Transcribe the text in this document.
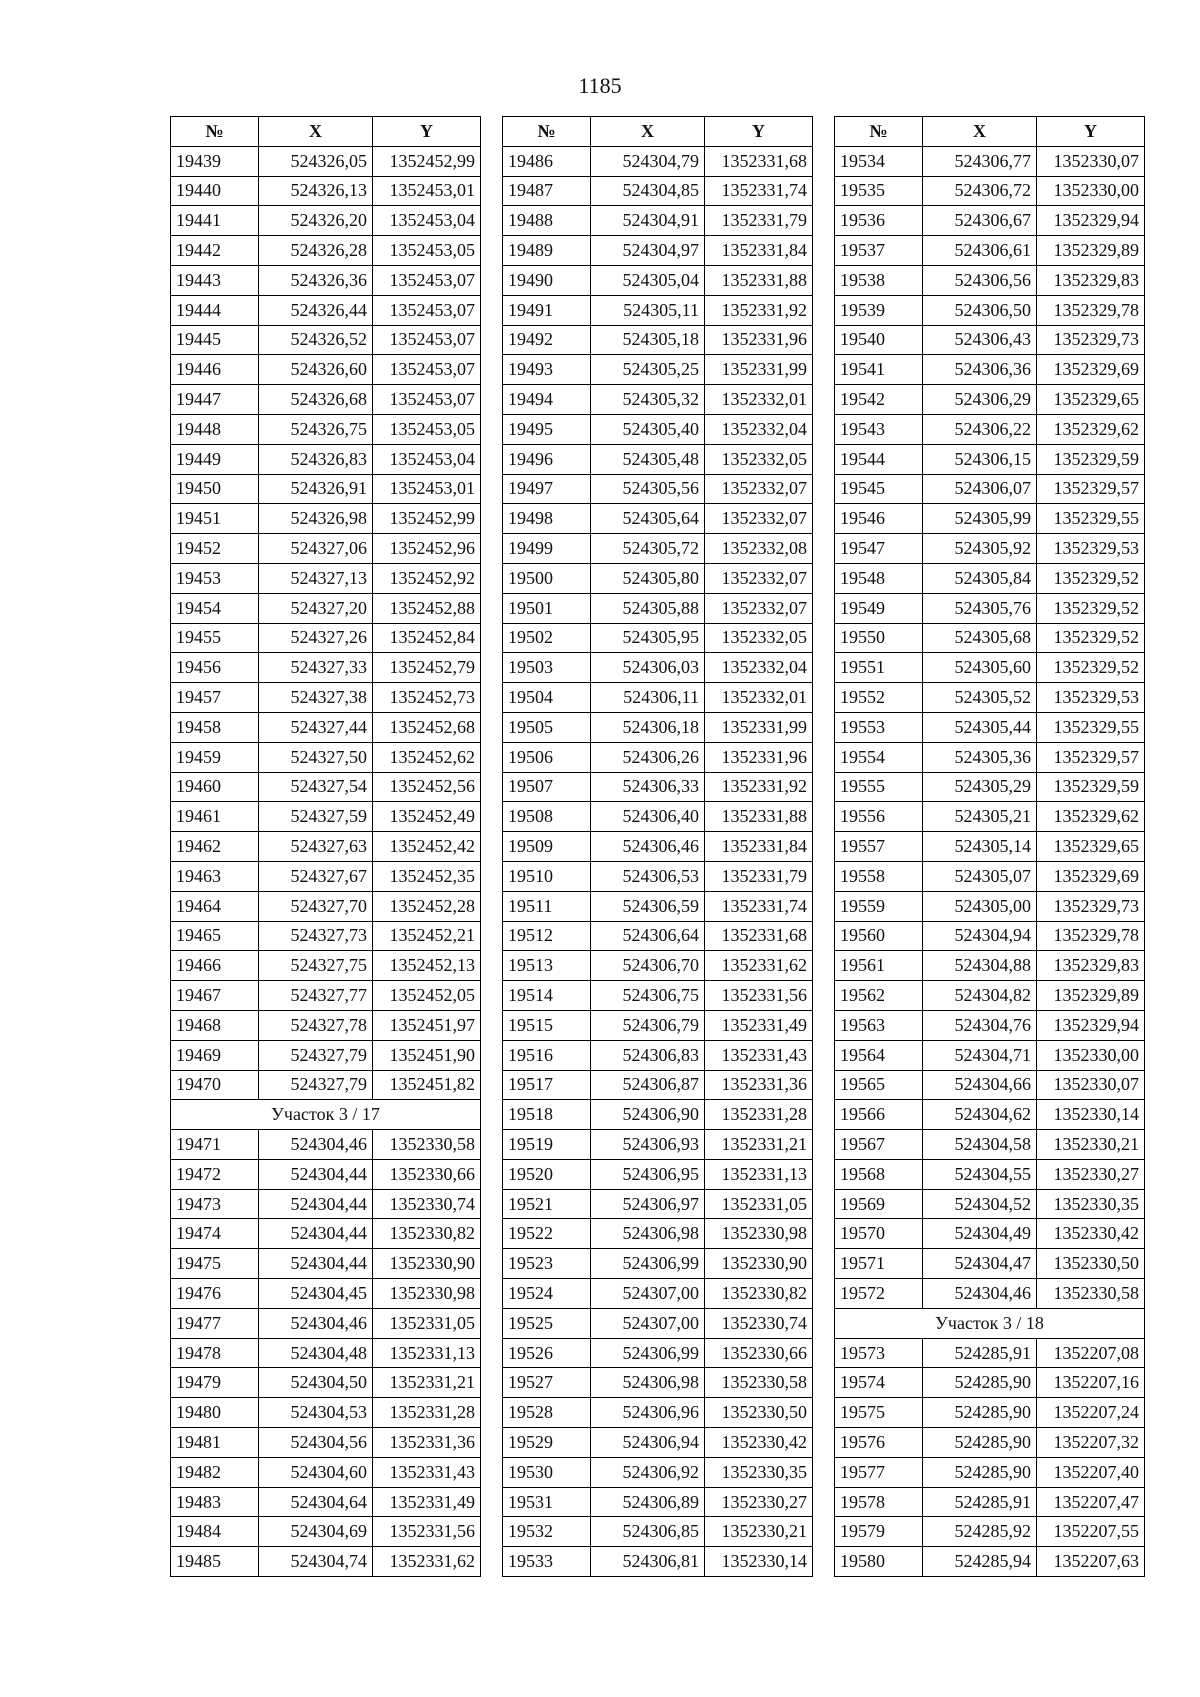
1185
№	X	Y
19439	524326,05	1352452,99
19440	524326,13	1352453,01
19441	524326,20	1352453,04
19442	524326,28	1352453,05
19443	524326,36	1352453,07
19444	524326,44	1352453,07
19445	524326,52	1352453,07
19446	524326,60	1352453,07
19447	524326,68	1352453,07
19448	524326,75	1352453,05
19449	524326,83	1352453,04
19450	524326,91	1352453,01
19451	524326,98	1352452,99
19452	524327,06	1352452,96
19453	524327,13	1352452,92
19454	524327,20	1352452,88
19455	524327,26	1352452,84
19456	524327,33	1352452,79
19457	524327,38	1352452,73
19458	524327,44	1352452,68
19459	524327,50	1352452,62
19460	524327,54	1352452,56
19461	524327,59	1352452,49
19462	524327,63	1352452,42
19463	524327,67	1352452,35
19464	524327,70	1352452,28
19465	524327,73	1352452,21
19466	524327,75	1352452,13
19467	524327,77	1352452,05
19468	524327,78	1352451,97
19469	524327,79	1352451,90
19470	524327,79	1352451,82
Участок 3 / 17		
19471	524304,46	1352330,58
19472	524304,44	1352330,66
19473	524304,44	1352330,74
19474	524304,44	1352330,82
19475	524304,44	1352330,90
19476	524304,45	1352330,98
19477	524304,46	1352331,05
19478	524304,48	1352331,13
19479	524304,50	1352331,21
19480	524304,53	1352331,28
19481	524304,56	1352331,36
19482	524304,60	1352331,43
19483	524304,64	1352331,49
19484	524304,69	1352331,56
19485	524304,74	1352331,62
№	X	Y
19486	524304,79	1352331,68
19487	524304,85	1352331,74
19488	524304,91	1352331,79
19489	524304,97	1352331,84
19490	524305,04	1352331,88
19491	524305,11	1352331,92
19492	524305,18	1352331,96
19493	524305,25	1352331,99
19494	524305,32	1352332,01
19495	524305,40	1352332,04
19496	524305,48	1352332,05
19497	524305,56	1352332,07
19498	524305,64	1352332,07
19499	524305,72	1352332,08
19500	524305,80	1352332,07
19501	524305,88	1352332,07
19502	524305,95	1352332,05
19503	524306,03	1352332,04
19504	524306,11	1352332,01
19505	524306,18	1352331,99
19506	524306,26	1352331,96
19507	524306,33	1352331,92
19508	524306,40	1352331,88
19509	524306,46	1352331,84
19510	524306,53	1352331,79
19511	524306,59	1352331,74
19512	524306,64	1352331,68
19513	524306,70	1352331,62
19514	524306,75	1352331,56
19515	524306,79	1352331,49
19516	524306,83	1352331,43
19517	524306,87	1352331,36
19518	524306,90	1352331,28
19519	524306,93	1352331,21
19520	524306,95	1352331,13
19521	524306,97	1352331,05
19522	524306,98	1352330,98
19523	524306,99	1352330,90
19524	524307,00	1352330,82
19525	524307,00	1352330,74
19526	524306,99	1352330,66
19527	524306,98	1352330,58
19528	524306,96	1352330,50
19529	524306,94	1352330,42
19530	524306,92	1352330,35
19531	524306,89	1352330,27
19532	524306,85	1352330,21
19533	524306,81	1352330,14
№	X	Y
19534	524306,77	1352330,07
19535	524306,72	1352330,00
19536	524306,67	1352329,94
19537	524306,61	1352329,89
19538	524306,56	1352329,83
19539	524306,50	1352329,78
19540	524306,43	1352329,73
19541	524306,36	1352329,69
19542	524306,29	1352329,65
19543	524306,22	1352329,62
19544	524306,15	1352329,59
19545	524306,07	1352329,57
19546	524305,99	1352329,55
19547	524305,92	1352329,53
19548	524305,84	1352329,52
19549	524305,76	1352329,52
19550	524305,68	1352329,52
19551	524305,60	1352329,52
19552	524305,52	1352329,53
19553	524305,44	1352329,55
19554	524305,36	1352329,57
19555	524305,29	1352329,59
19556	524305,21	1352329,62
19557	524305,14	1352329,65
19558	524305,07	1352329,69
19559	524305,00	1352329,73
19560	524304,94	1352329,78
19561	524304,88	1352329,83
19562	524304,82	1352329,89
19563	524304,76	1352329,94
19564	524304,71	1352330,00
19565	524304,66	1352330,07
19566	524304,62	1352330,14
19567	524304,58	1352330,21
19568	524304,55	1352330,27
19569	524304,52	1352330,35
19570	524304,49	1352330,42
19571	524304,47	1352330,50
19572	524304,46	1352330,58
Участок 3 / 18		
19573	524285,91	1352207,08
19574	524285,90	1352207,16
19575	524285,90	1352207,24
19576	524285,90	1352207,32
19577	524285,90	1352207,40
19578	524285,91	1352207,47
19579	524285,92	1352207,55
19580	524285,94	1352207,63
